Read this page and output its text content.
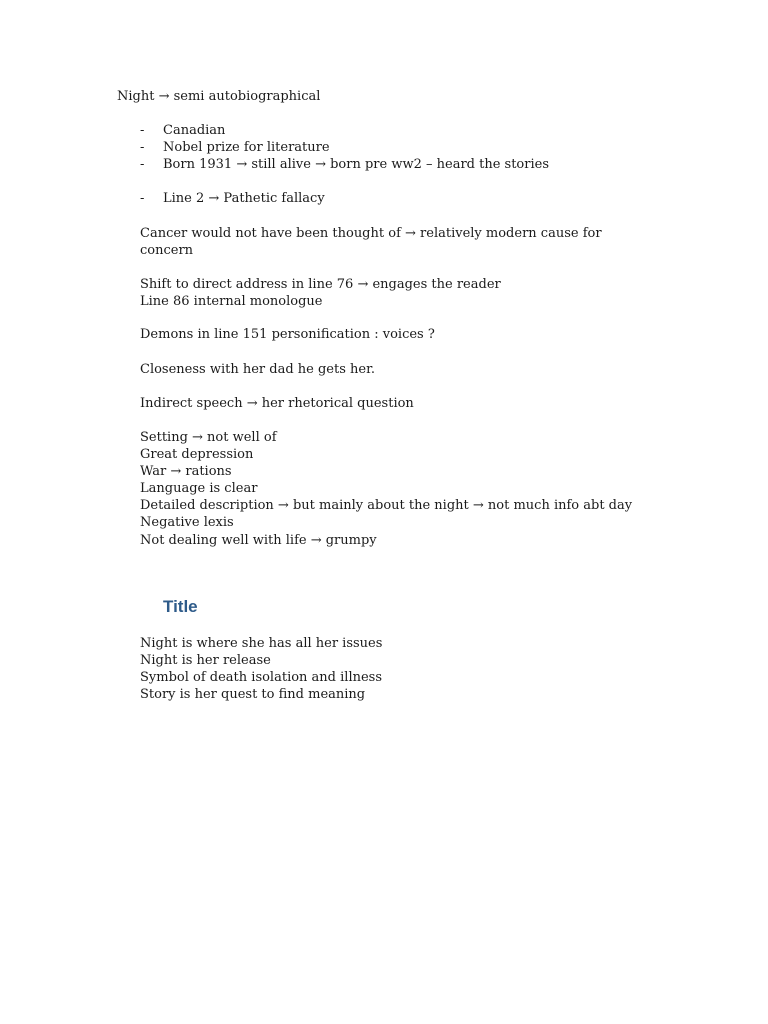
Night → semi autobiographical
- Canadian
- Nobel prize for literature
- Born 1931 → still alive → born pre ww2 – heard the stories
- Line 2 → Pathetic fallacy
Cancer would not have been thought of → relatively modern cause for
concern
Shift to direct address in line 76 → engages the reader
Line 86 internal monologue
Demons in line 151 personification : voices ?
Closeness with her dad he gets her.
Indirect speech → her rhetorical question
Setting → not well of
Great depression
War → rations
Language is clear
Detailed description → but mainly about the night → not much info abt day
Negative lexis
Not dealing well with life → grumpy
Title
Night is where she has all her issues
Night is her release
Symbol of death isolation and illness
Story is her quest to find meaning
